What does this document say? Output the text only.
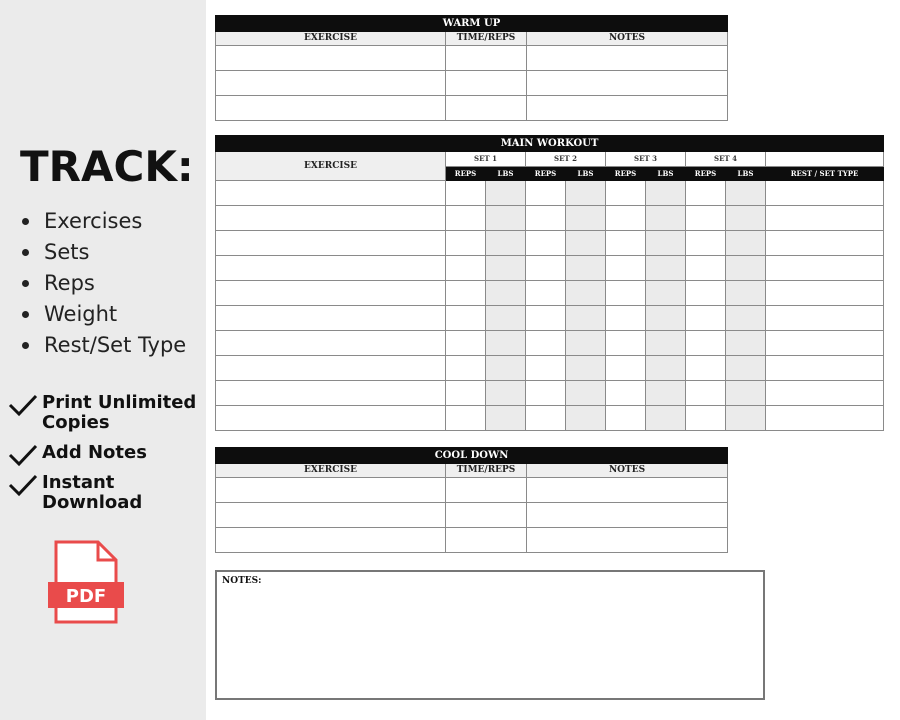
TRACK:
Exercises
Sets
Reps
Weight
Rest/Set Type
Print Unlimited Copies
Add Notes
Instant Download
PDF
WARM UP		
EXERCISE	TIME/REPS	NOTES

MAIN WORKOUT									
EXERCISE	SET 1		SET 2		SET 3		SET 4		
	REPS	LBS	REPS	LBS	REPS	LBS	REPS	LBS	REST / SET TYPE

COOL DOWN		
EXERCISE	TIME/REPS	NOTES

NOTES:
